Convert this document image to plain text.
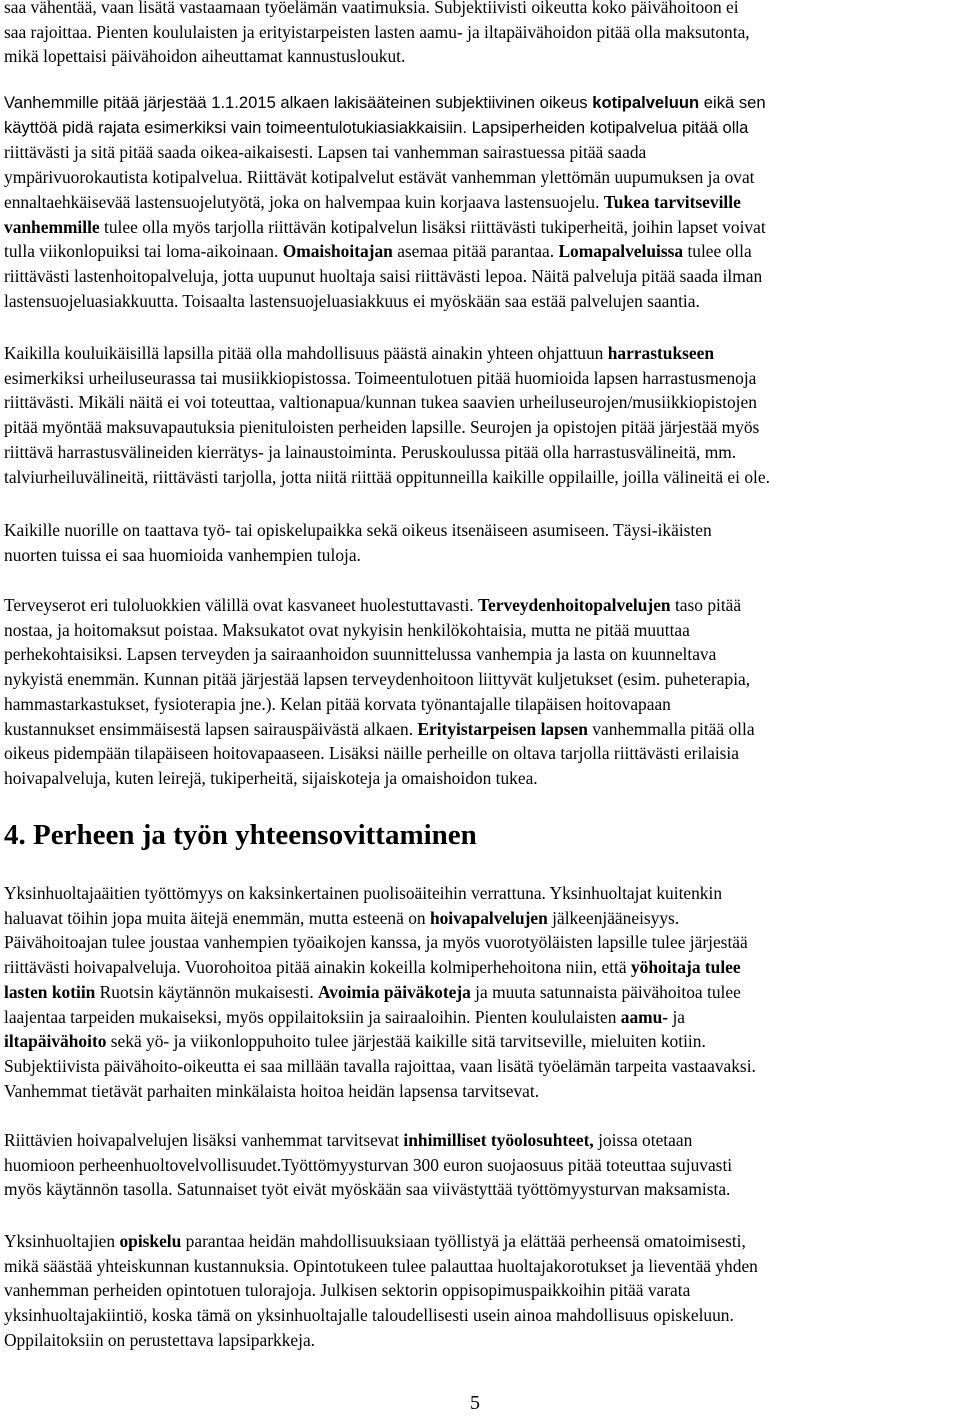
saa vähentää, vaan lisätä vastaamaan työelämän vaatimuksia. Subjektiivisti oikeutta koko päivähoitoon ei
saa rajoittaa. Pienten koululaisten ja erityistarpeisten lasten aamu- ja iltapäivähoidon pitää olla maksutonta,
mikä lopettaisi päivähoidon aiheuttamat kannustusloukut.
Vanhemmille pitää järjestää 1.1.2015 alkaen lakisääteinen subjektiivinen oikeus kotipalveluun eikä sen
käyttöä pidä rajata esimerkiksi vain toimeentulotukiasiakkaisiin. Lapsiperheiden kotipalvelua pitää olla
riittävästi ja sitä pitää saada oikea-aikaisesti. Lapsen tai vanhemman sairastuessa pitää saada
ympärivuorokautista kotipalvelua. Riittävät kotipalvelut estävät vanhemman ylettömän uupumuksen ja ovat
ennaltaehkäisevää lastensuojelutyötä, joka on halvempaa kuin korjaava lastensuojelu. Tukea tarvitseville
vanhemmille tulee olla myös tarjolla riittävän kotipalvelun lisäksi riittävästi tukiperheitä, joihin lapset voivat
tulla viikonlopuiksi tai loma-aikoinaan. Omaishoitajan asemaa pitää parantaa. Lomapalveluissa tulee olla
riittävästi lastenhoitopalveluja, jotta uupunut huoltaja saisi riittävästi lepoa. Näitä palveluja pitää saada ilman
lastensuojeluasiakkuutta. Toisaalta lastensuojeluasiakkuus ei myöskään saa estää palvelujen saantia.
Kaikilla kouluikäisillä lapsilla pitää olla mahdollisuus päästä ainakin yhteen ohjattuun harrastukseen
esimerkiksi urheiluseurassa tai musiikkiopistossa. Toimeentulotuen pitää huomioida lapsen harrastusmenoja
riittävästi. Mikäli näitä ei voi toteuttaa, valtionapua/kunnan tukea saavien urheiluseurojen/musiikkiopistojen
pitää myöntää maksuvapautuksia pienituloisten perheiden lapsille. Seurojen ja opistojen pitää järjestää myös
riittävä harrastusvälineiden kierrätys- ja lainaustoiminta. Peruskoulussa pitää olla harrastusvälineitä, mm.
talviurheiluvälineitä, riittävästi tarjolla, jotta niitä riittää oppitunneilla kaikille oppilaille, joilla välineitä ei ole.
Kaikille nuorille on taattava työ- tai opiskelupaikka sekä oikeus itsenäiseen asumiseen. Täysi-ikäisten
nuorten tuissa ei saa huomioida vanhempien tuloja.
Terveyserot eri tuloluokkien välillä ovat kasvaneet huolestuttavasti. Terveydenhoitopalvelujen taso pitää
nostaa, ja hoitomaksut poistaa. Maksukatot ovat nykyisin henkilökohtaisia, mutta ne pitää muuttaa
perhekohtaisiksi. Lapsen terveyden ja sairaanhoidon suunnittelussa vanhempia ja lasta on kuunneltava
nykyistä enemmän. Kunnan pitää järjestää lapsen terveydenhoitoon liittyvät kuljetukset (esim. puheterapia,
hammastarkastukset, fysioterapia jne.). Kelan pitää korvata työnantajalle tilapäisen hoitovapaan
kustannukset ensimmäisestä lapsen sairauspäivästä alkaen. Erityistarpeisen lapsen vanhemmalla pitää olla
oikeus pidempään tilapäiseen hoitovapaaseen. Lisäksi näille perheille on oltava tarjolla riittävästi erilaisia
hoivapalveluja, kuten leirejä, tukiperheitä, sijaiskoteja ja omaishoidon tukea.
4. Perheen ja työn yhteensovittaminen
Yksinhuoltajaäitien työttömyys on kaksinkertainen puolisoäiteihin verrattuna. Yksinhuoltajat kuitenkin
haluavat töihin jopa muita äitejä enemmän, mutta esteenä on hoivapalvelujen jälkeenjääneisyys.
Päivähoitoajan tulee joustaa vanhempien työaikojen kanssa, ja myös vuorotyöläisten lapsille tulee järjestää
riittävästi hoivapalveluja. Vuorohoitoa pitää ainakin kokeilla kolmiperhehoitona niin, että yöhoitaja tulee
lasten kotiin Ruotsin käytännön mukaisesti. Avoimia päiväkoteja ja muuta satunnaista päivähoitoa tulee
laajentaa tarpeiden mukaiseksi, myös oppilaitoksiin ja sairaaloihin. Pienten koululaisten aamu- ja
iltapäivähoito sekä yö- ja viikonloppuhoito tulee järjestää kaikille sitä tarvitseville, mieluiten kotiin.
Subjektiivista päivähoito-oikeutta ei saa millään tavalla rajoittaa, vaan lisätä työelämän tarpeita vastaavaksi.
Vanhemmat tietävät parhaiten minkälaista hoitoa heidän lapsensa tarvitsevat.
Riittävien hoivapalvelujen lisäksi vanhemmat tarvitsevat inhimilliset työolosuhteet, joissa otetaan
huomioon perheenhuoltovelvollisuudet.Työttömyysturvan 300 euron suojaosuus pitää toteuttaa sujuvasti
myös käytännön tasolla. Satunnaiset työt eivät myöskään saa viivästyttää työttömyysturvan maksamista.
Yksinhuoltajien opiskelu parantaa heidän mahdollisuuksiaan työllistyä ja elättää perheensä omatoimisesti,
mikä säästää yhteiskunnan kustannuksia. Opintotukeen tulee palauttaa huoltajakorotukset ja lieventää yhden
vanhemman perheiden opintotuen tulorajoja. Julkisen sektorin oppisopimuspaikkoihin pitää varata
yksinhuoltajakiintiö, koska tämä on yksinhuoltajalle taloudellisesti usein ainoa mahdollisuus opiskeluun.
Oppilaitoksiin on perustettava lapsiparkkeja.
5
